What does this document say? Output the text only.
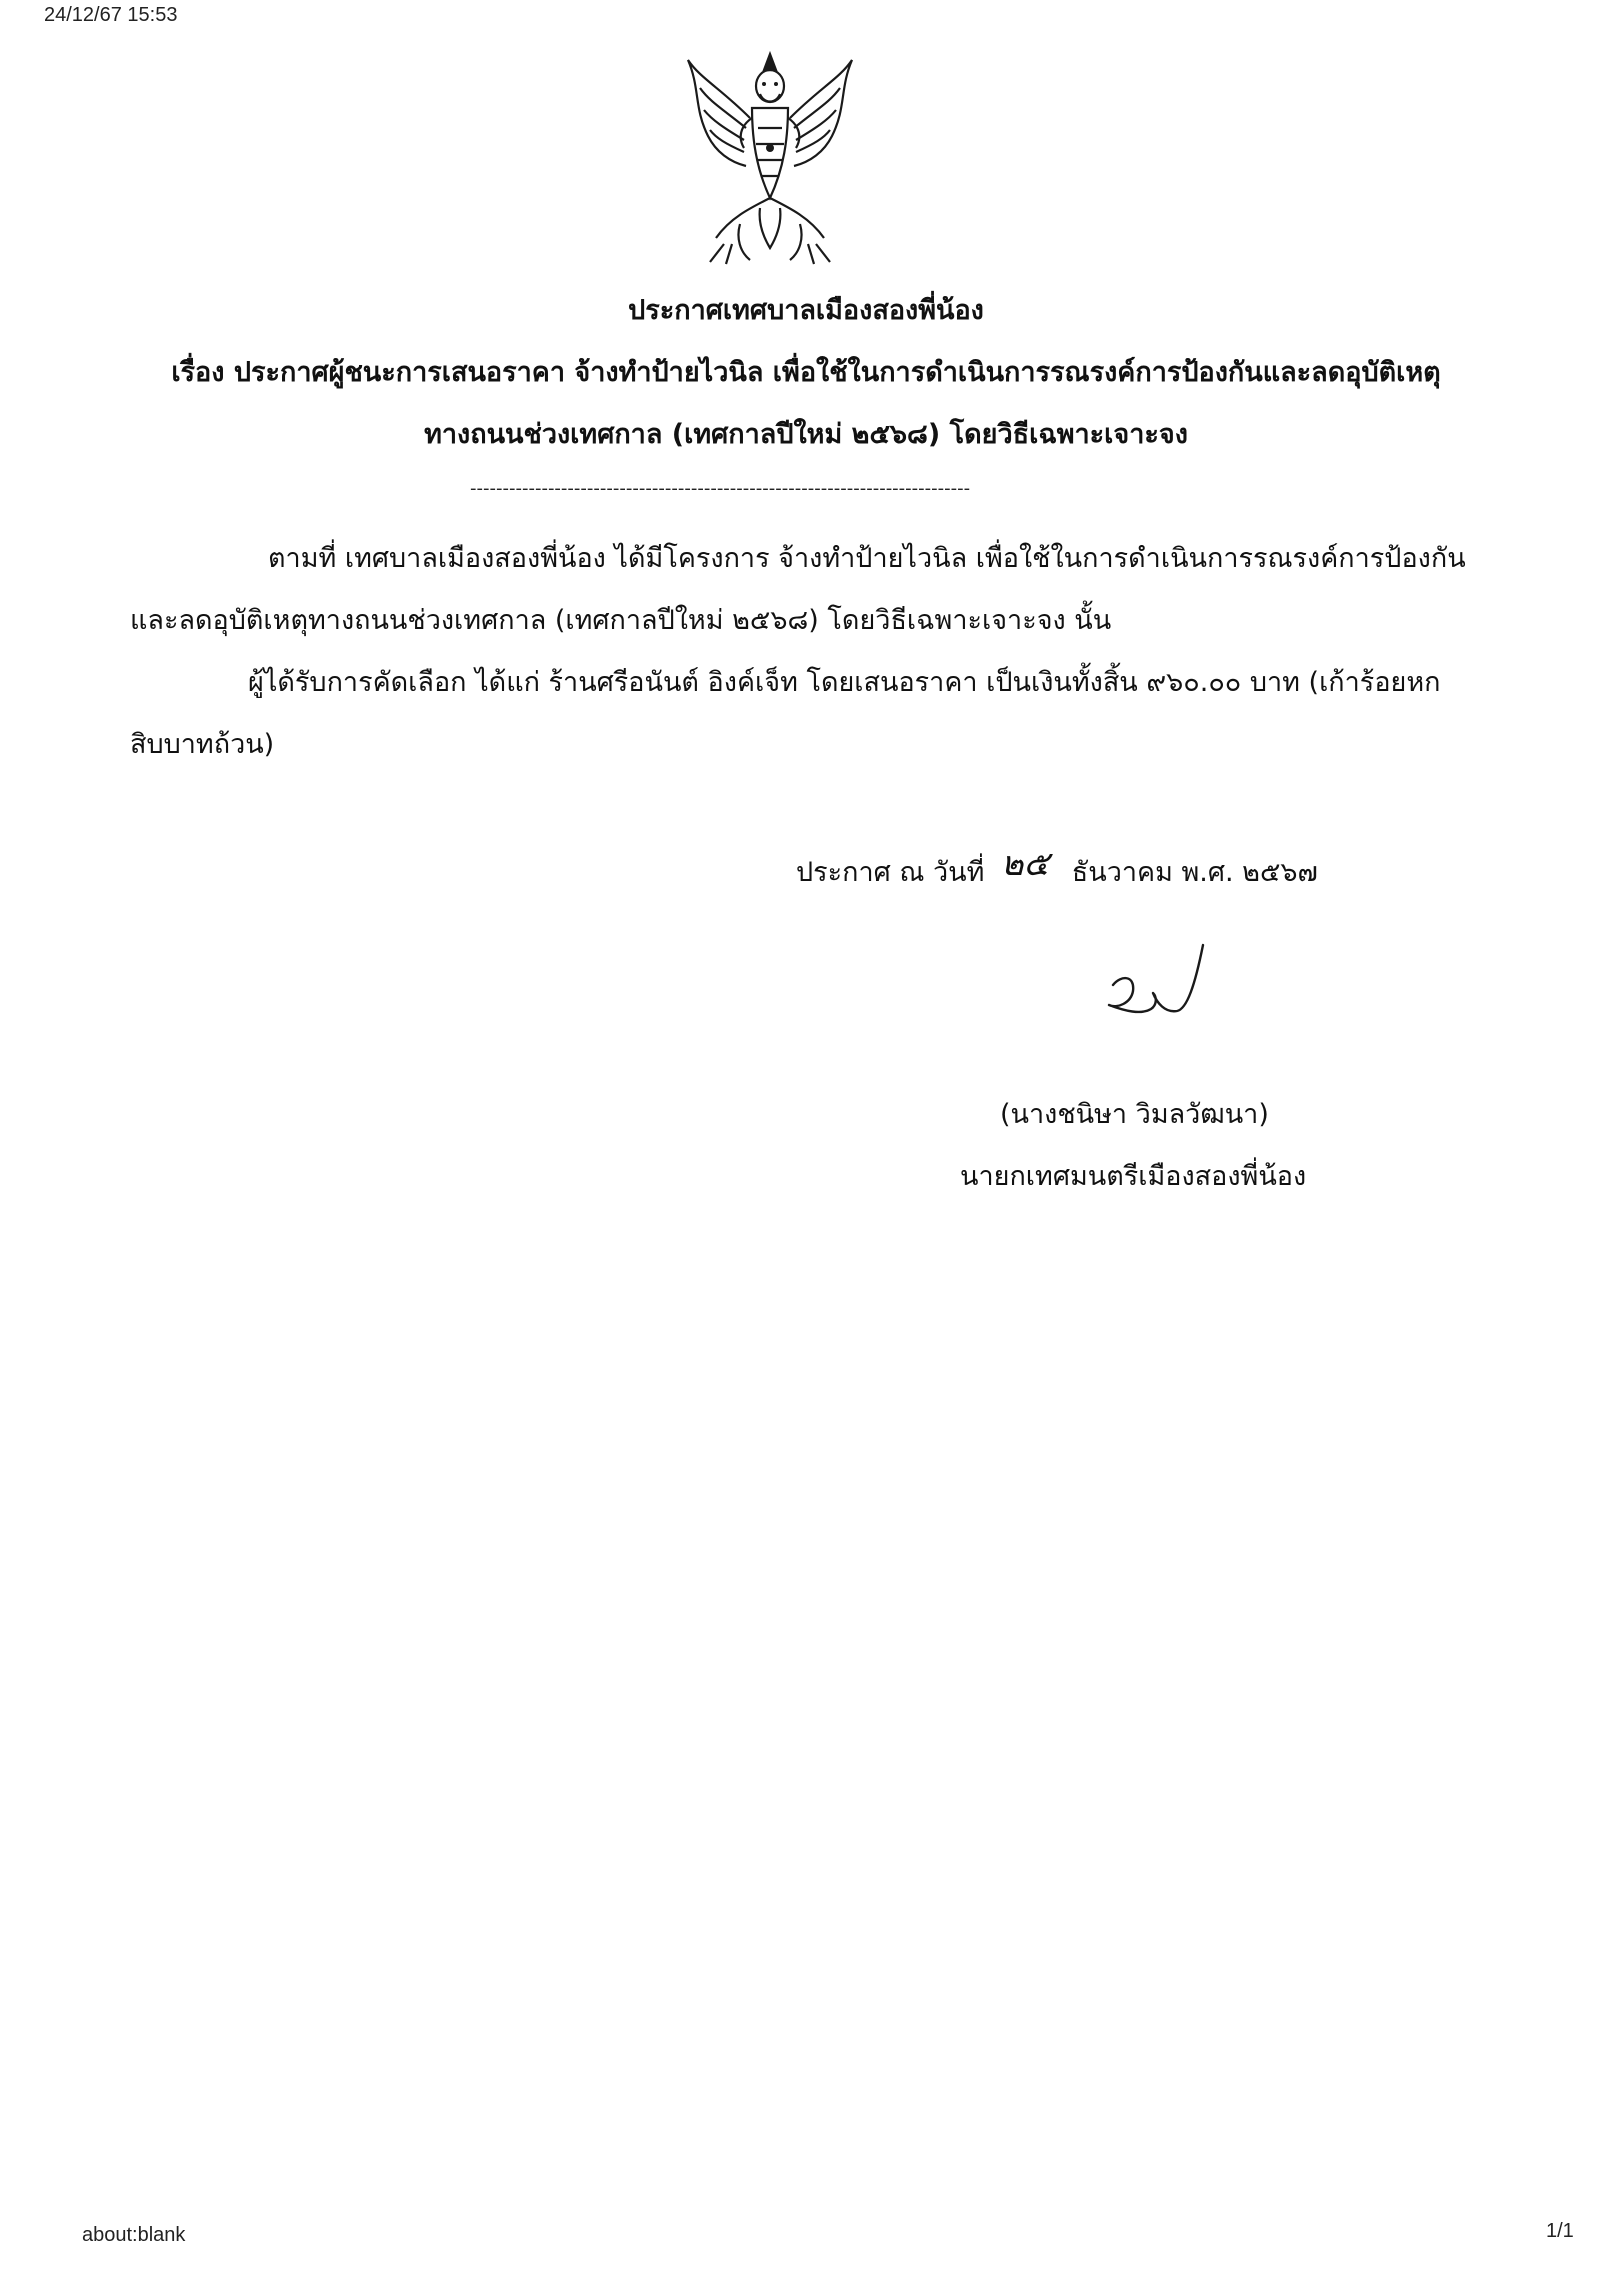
24/12/67 15:53
ประกาศเทศบาลเมืองสองพี่น้อง
เรื่อง ประกาศผู้ชนะการเสนอราคา จ้างทำป้ายไวนิล เพื่อใช้ในการดำเนินการรณรงค์การป้องกันและลดอุบัติเหตุ
ทางถนนช่วงเทศกาล (เทศกาลปีใหม่ ๒๕๖๘) โดยวิธีเฉพาะเจาะจง
-----------------------------------------------------------------------------
ตามที่ เทศบาลเมืองสองพี่น้อง ได้มีโครงการ จ้างทำป้ายไวนิล เพื่อใช้ในการดำเนินการรณรงค์การป้องกัน
และลดอุบัติเหตุทางถนนช่วงเทศกาล (เทศกาลปีใหม่ ๒๕๖๘) โดยวิธีเฉพาะเจาะจง นั้น
ผู้ได้รับการคัดเลือก ได้แก่ ร้านศรีอนันต์ อิงค์เจ็ท โดยเสนอราคา เป็นเงินทั้งสิ้น ๙๖๐.๐๐ บาท (เก้าร้อยหก
สิบบาทถ้วน)
ประกาศ ณ วันที่ ๒๕ ธันวาคม พ.ศ. ๒๕๖๗
(นางชนิษา วิมลวัฒนา)
นายกเทศมนตรีเมืองสองพี่น้อง
about:blank	1/1
